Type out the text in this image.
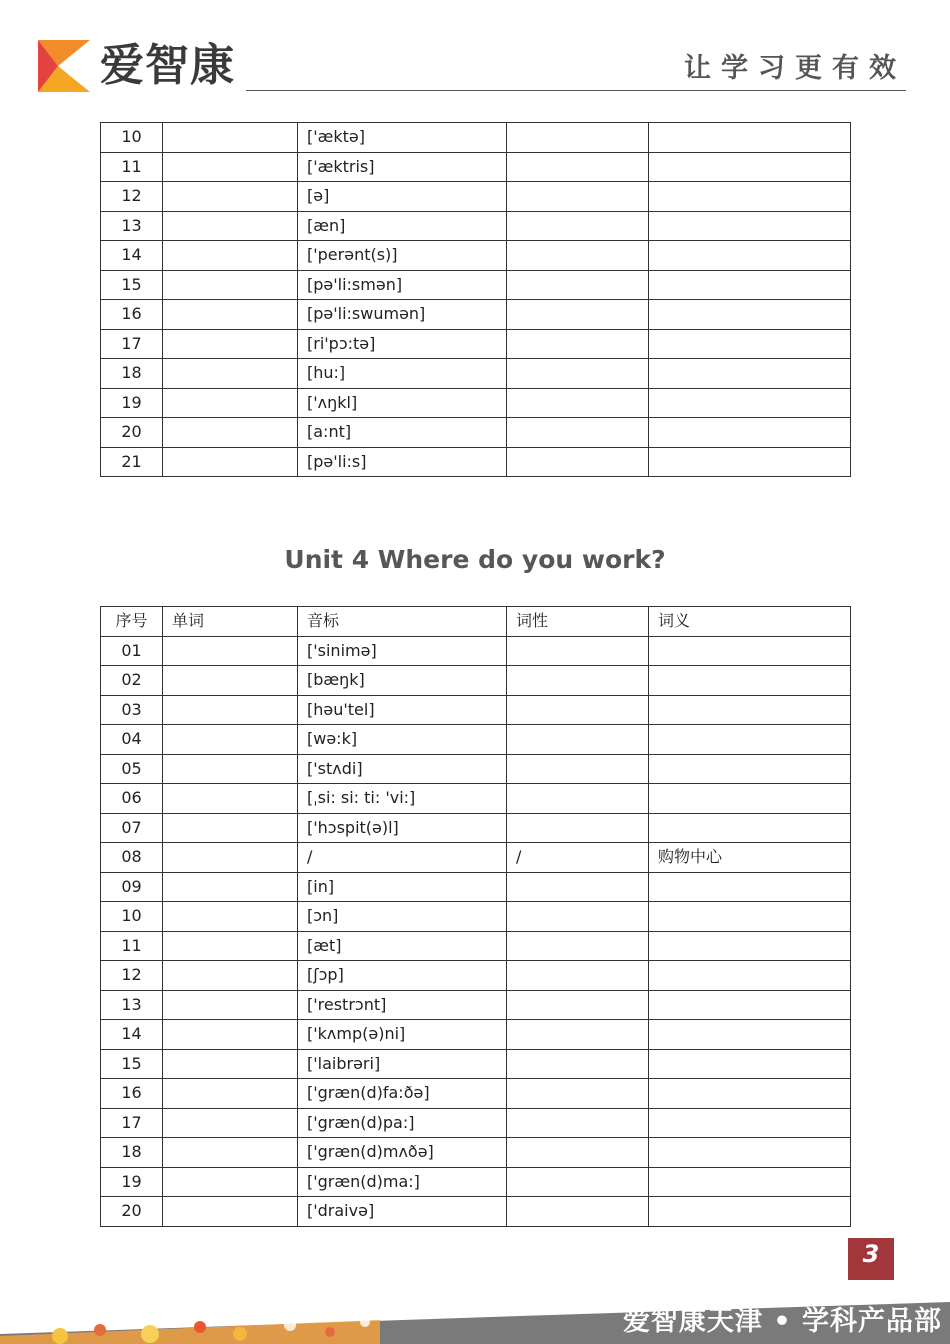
爱智康	让学习更有效
10		['æktə]		
11		['æktris]		
12		[ə]		
13		[æn]		
14		['perənt(s)]		
15		[pə'li:smən]		
16		[pə'li:swumən]		
17		[ri'pɔ:tə]		
18		[hu:]		
19		['ʌŋkl]		
20		[a:nt]		
21		[pə'li:s]		
Unit 4 Where do you work?
序号	单词	音标	词性	词义
01		['sinimə]		
02		[bæŋk]		
03		[həu'tel]		
04		[wə:k]		
05		['stʌdi]		
06		[ˌsi: si: ti: 'vi:]		
07		['hɔspit(ə)l]		
08		/	/	购物中心
09		[in]		
10		[ɔn]		
11		[æt]		
12		[ʃɔp]		
13		['restrɔnt]		
14		['kʌmp(ə)ni]		
15		['laibrəri]		
16		['græn(d)fa:ðə]		
17		['græn(d)pa:]		
18		['græn(d)mʌðə]		
19		['græn(d)ma:]		
20		['draivə]		
3
爱智康天津 • 学科产品部
